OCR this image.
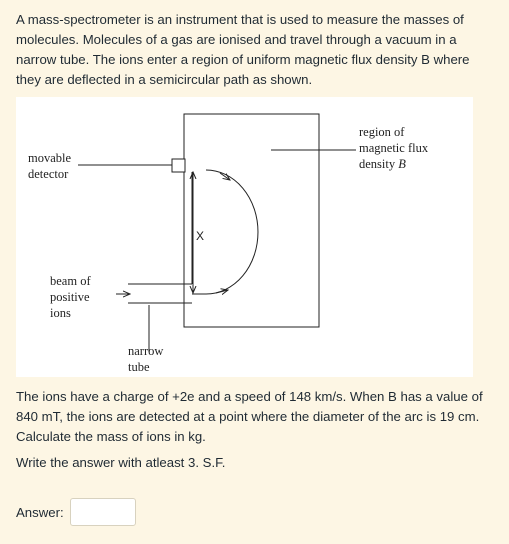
A mass-spectrometer is an instrument that is used to measure the masses of molecules. Molecules of a gas are ionised and travel through a vacuum in a narrow tube. The ions enter a region of uniform magnetic flux density B where they are deflected in a semicircular path as shown.

movable
detector
region of
magnetic flux
density B
beam of
positive
ions
narrow
tube
X

The ions have a charge of +2e and a speed of 148 km/s. When B has a value of 840 mT, the ions are detected at a point where the diameter of the arc is 19 cm. Calculate the mass of ions in kg.

Write the answer with atleast 3. S.F.

Answer:
